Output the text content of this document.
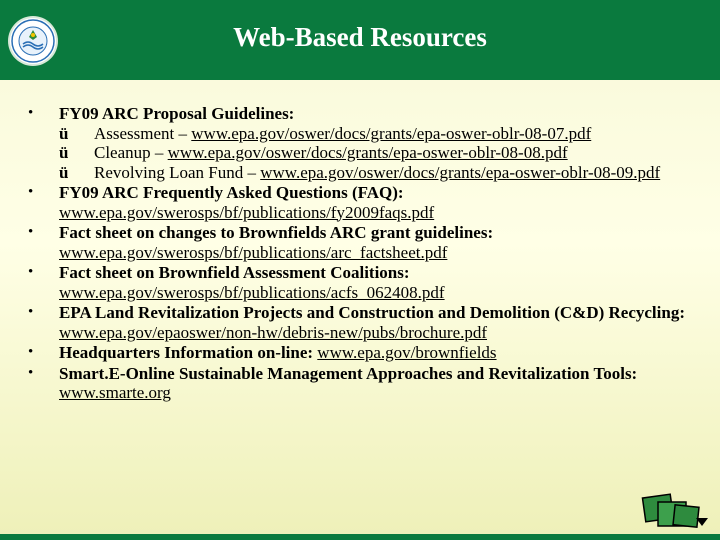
Web-Based Resources
• FY09 ARC Proposal Guidelines:
ü Assessment – www.epa.gov/oswer/docs/grants/epa-oswer-oblr-08-07.pdf
ü Cleanup – www.epa.gov/oswer/docs/grants/epa-oswer-oblr-08-08.pdf
ü Revolving Loan Fund – www.epa.gov/oswer/docs/grants/epa-oswer-oblr-08-09.pdf
• FY09 ARC Frequently Asked Questions (FAQ):
www.epa.gov/swerosps/bf/publications/fy2009faqs.pdf
• Fact sheet on changes to Brownfields ARC grant guidelines:
www.epa.gov/swerosps/bf/publications/arc_factsheet.pdf
• Fact sheet on Brownfield Assessment Coalitions:
www.epa.gov/swerosps/bf/publications/acfs_062408.pdf
• EPA Land Revitalization Projects and Construction and Demolition (C&D) Recycling:
www.epa.gov/epaoswer/non-hw/debris-new/pubs/brochure.pdf
• Headquarters Information on-line: www.epa.gov/brownfields
• Smart.E-Online Sustainable Management Approaches and Revitalization Tools: www.smarte.org
